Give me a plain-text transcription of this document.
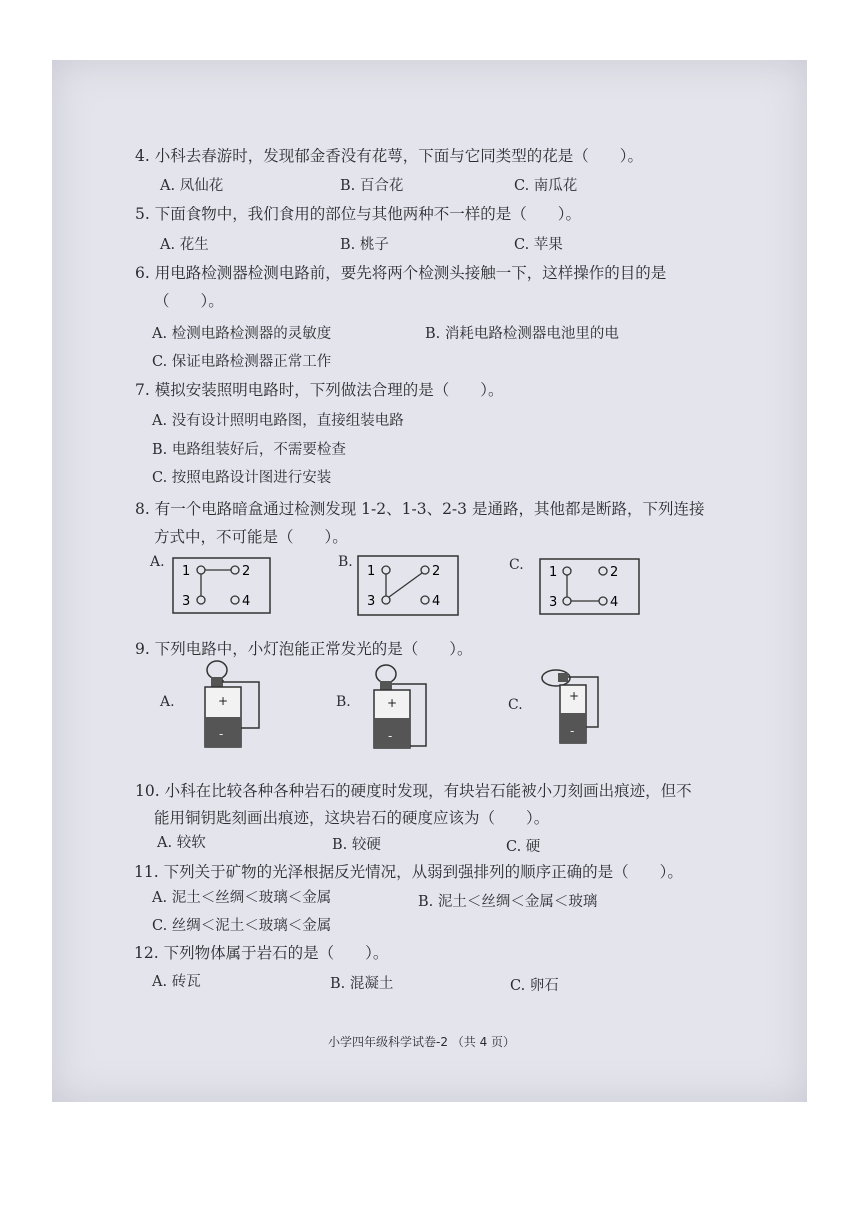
4. 小科去春游时，发现郁金香没有花萼，下面与它同类型的花是（　　）。
A. 凤仙花	B. 百合花	C. 南瓜花
5. 下面食物中，我们食用的部位与其他两种不一样的是（　　）。
A. 花生	B. 桃子	C. 苹果
6. 用电路检测器检测电路前，要先将两个检测头接触一下，这样操作的目的是
（　　）。
A. 检测电路检测器的灵敏度	B. 消耗电路检测器电池里的电
C. 保证电路检测器正常工作
7. 模拟安装照明电路时，下列做法合理的是（　　）。
A. 没有设计照明电路图，直接组装电路
B. 电路组装好后，不需要检查
C. 按照电路设计图进行安装
8. 有一个电路暗盒通过检测发现 1-2、1-3、2-3 是通路，其他都是断路，下列连接
方式中，不可能是（　　）。
A.
1	2
3	4
B.
1	2
3	4
C. 1	2
3	4
9. 下列电路中，小灯泡能正常发光的是（　　）。
A.	+
-
B.	+
-
C.
+
-
10. 小科在比较各种各种岩石的硬度时发现，有块岩石能被小刀刻画出痕迹，但不
能用铜钥匙刻画出痕迹，这块岩石的硬度应该为（　　）。
A. 较软	B. 较硬	C. 硬
11. 下列关于矿物的光泽根据反光情况，从弱到强排列的顺序正确的是（　　）。
A. 泥土＜丝绸＜玻璃＜金属	B. 泥土＜丝绸＜金属＜玻璃
C. 丝绸＜泥土＜玻璃＜金属
12. 下列物体属于岩石的是（　　）。
A. 砖瓦	B. 混凝土	C. 卵石
小学四年级科学试卷-2 （共 4 页）
